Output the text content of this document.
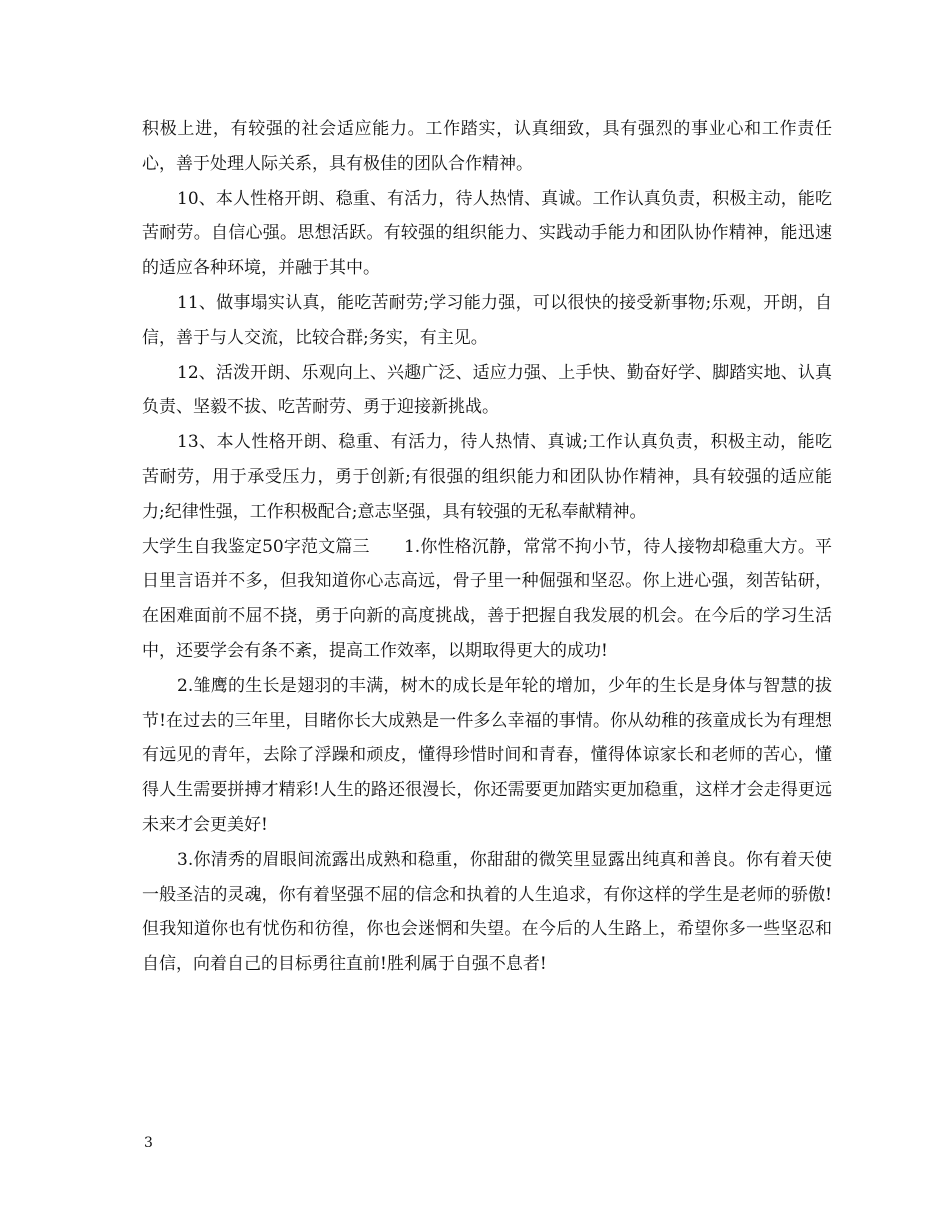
积极上进，有较强的社会适应能力。工作踏实，认真细致，具有强烈的事业心和工作责任心，善于处理人际关系，具有极佳的团队合作精神。

10、本人性格开朗、稳重、有活力，待人热情、真诚。工作认真负责，积极主动，能吃苦耐劳。自信心强。思想活跃。有较强的组织能力、实践动手能力和团队协作精神，能迅速的适应各种环境，并融于其中。

11、做事塌实认真，能吃苦耐劳;学习能力强，可以很快的接受新事物;乐观，开朗，自信，善于与人交流，比较合群;务实，有主见。

12、活泼开朗、乐观向上、兴趣广泛、适应力强、上手快、勤奋好学、脚踏实地、认真负责、坚毅不拔、吃苦耐劳、勇于迎接新挑战。

13、本人性格开朗、稳重、有活力，待人热情、真诚;工作认真负责，积极主动，能吃苦耐劳，用于承受压力，勇于创新;有很强的组织能力和团队协作精神，具有较强的适应能力;纪律性强，工作积极配合;意志坚强，具有较强的无私奉献精神。

大学生自我鉴定50字范文篇三　　1.你性格沉静，常常不拘小节，待人接物却稳重大方。平日里言语并不多，但我知道你心志高远，骨子里一种倔强和坚忍。你上进心强，刻苦钻研，在困难面前不屈不挠，勇于向新的高度挑战，善于把握自我发展的机会。在今后的学习生活中，还要学会有条不紊，提高工作效率，以期取得更大的成功!

2.雏鹰的生长是翅羽的丰满，树木的成长是年轮的增加，少年的生长是身体与智慧的拔节!在过去的三年里，目睹你长大成熟是一件多么幸福的事情。你从幼稚的孩童成长为有理想有远见的青年，去除了浮躁和顽皮，懂得珍惜时间和青春，懂得体谅家长和老师的苦心，懂得人生需要拼搏才精彩!人生的路还很漫长，你还需要更加踏实更加稳重，这样才会走得更远未来才会更美好!

3.你清秀的眉眼间流露出成熟和稳重，你甜甜的微笑里显露出纯真和善良。你有着天使一般圣洁的灵魂，你有着坚强不屈的信念和执着的人生追求，有你这样的学生是老师的骄傲!但我知道你也有忧伤和彷徨，你也会迷惘和失望。在今后的人生路上，希望你多一些坚忍和自信，向着自己的目标勇往直前!胜利属于自强不息者!

3
